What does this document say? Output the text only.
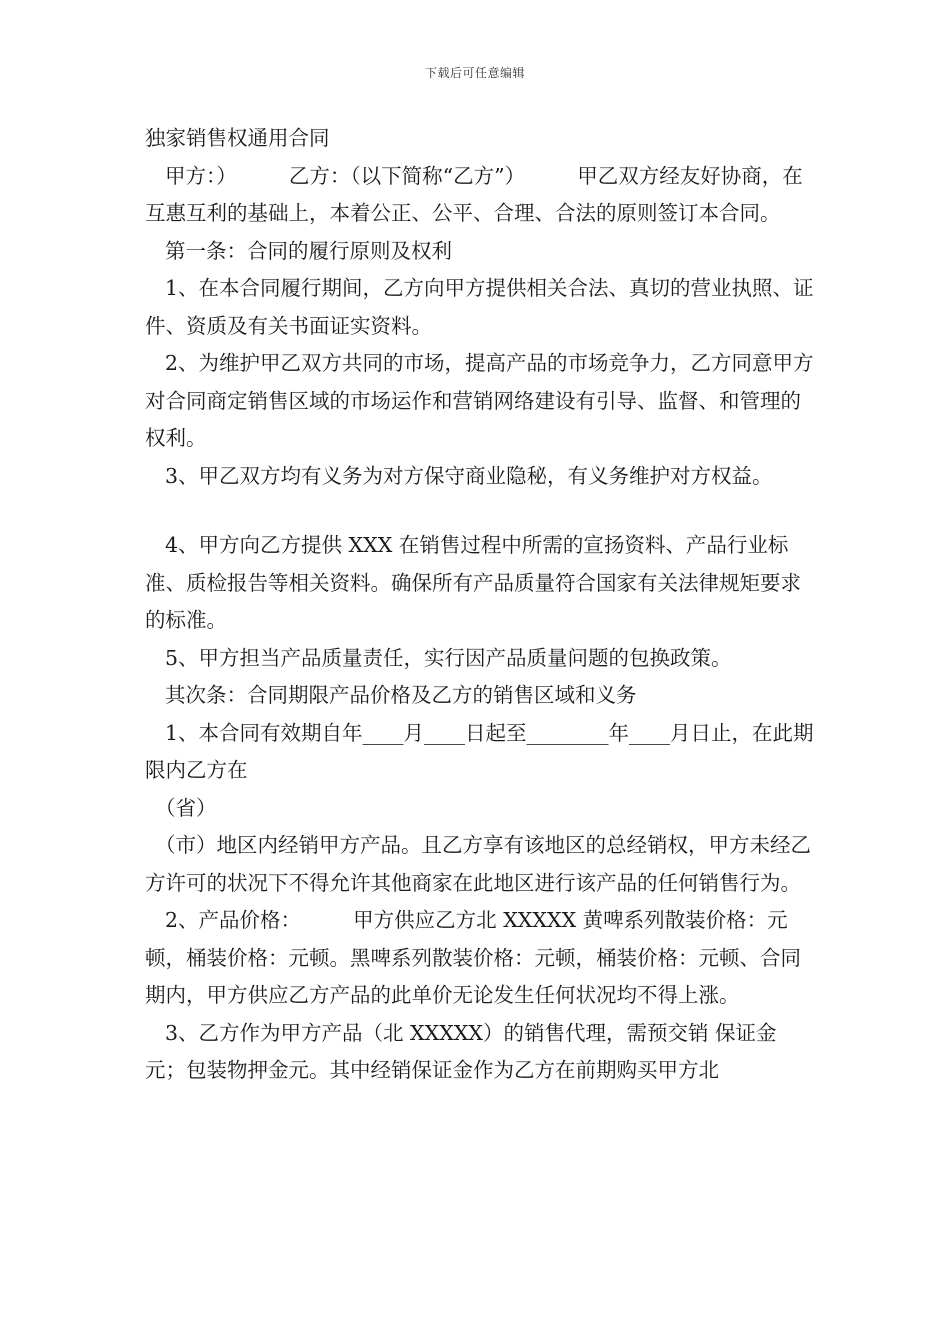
下载后可任意编辑

独家销售权通用合同

甲方：）        乙方：（以下简称“乙方”）        甲乙双方经友好协商，在互惠互利的基础上，本着公正、公平、合理、合法的原则签订本合同。

第一条：合同的履行原则及权利

1、在本合同履行期间，乙方向甲方提供相关合法、真切的营业执照、证件、资质及有关书面证实资料。

2、为维护甲乙双方共同的市场，提高产品的市场竞争力，乙方同意甲方对合同商定销售区域的市场运作和营销网络建设有引导、监督、和管理的权利。

3、甲乙双方均有义务为对方保守商业隐秘，有义务维护对方权益。

4、甲方向乙方提供 XXX 在销售过程中所需的宣扬资料、产品行业标准、质检报告等相关资料。确保所有产品质量符合国家有关法律规矩要求的标准。

5、甲方担当产品质量责任，实行因产品质量问题的包换政策。

其次条：合同期限产品价格及乙方的销售区域和义务

1、本合同有效期自年____月____日起至________年____月日止，在此期限内乙方在

（省）

（市）地区内经销甲方产品。且乙方享有该地区的总经销权，甲方未经乙方许可的状况下不得允许其他商家在此地区进行该产品的任何销售行为。

2、产品价格：        甲方供应乙方北 XXXXX 黄啤系列散装价格：元顿，桶装价格：元顿。黑啤系列散装价格：元顿，桶装价格：元顿、合同期内，甲方供应乙方产品的此单价无论发生任何状况均不得上涨。

3、乙方作为甲方产品（北 XXXXX）的销售代理，需预交销 保证金元；包装物押金元。其中经销保证金作为乙方在前期购买甲方北
